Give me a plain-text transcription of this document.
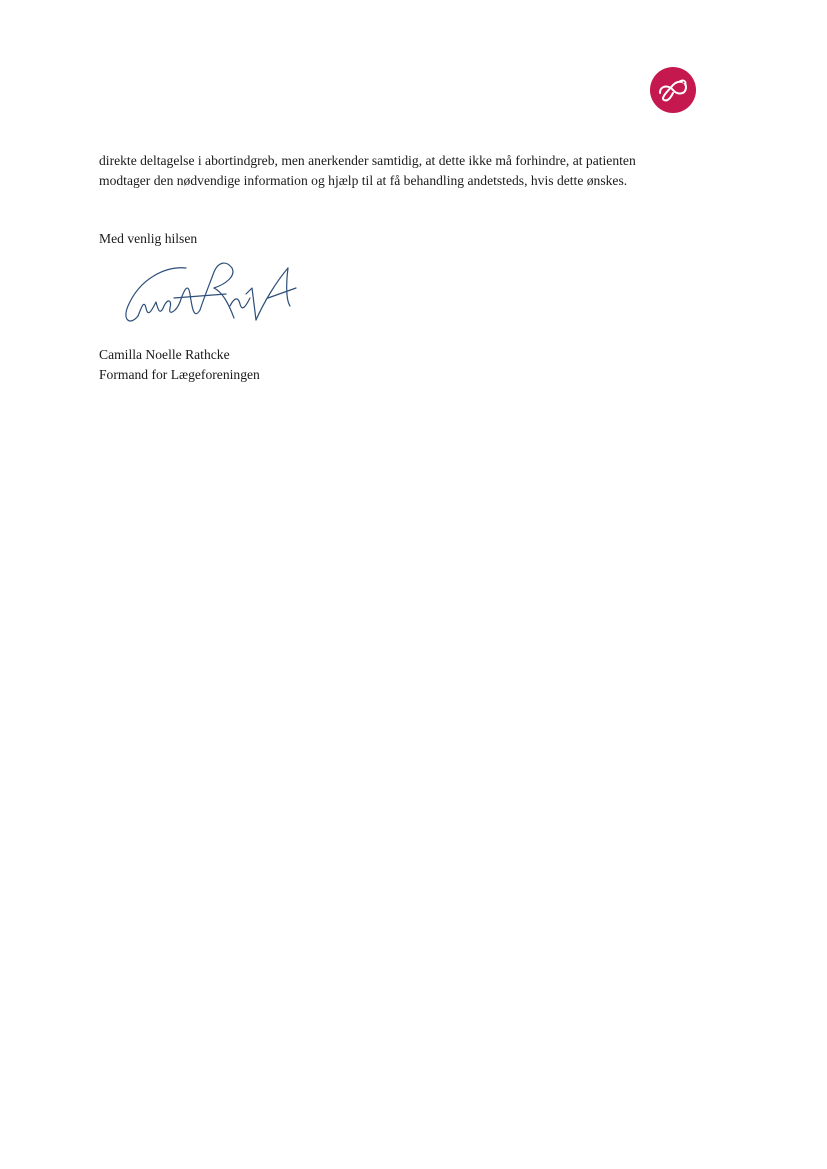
direkte deltagelse i abortindgreb, men anerkender samtidig, at dette ikke må forhindre, at patienten
modtager den nødvendige information og hjælp til at få behandling andetsteds, hvis dette ønskes.

Med venlig hilsen

Camilla Noelle Rathcke
Formand for Lægeforeningen
